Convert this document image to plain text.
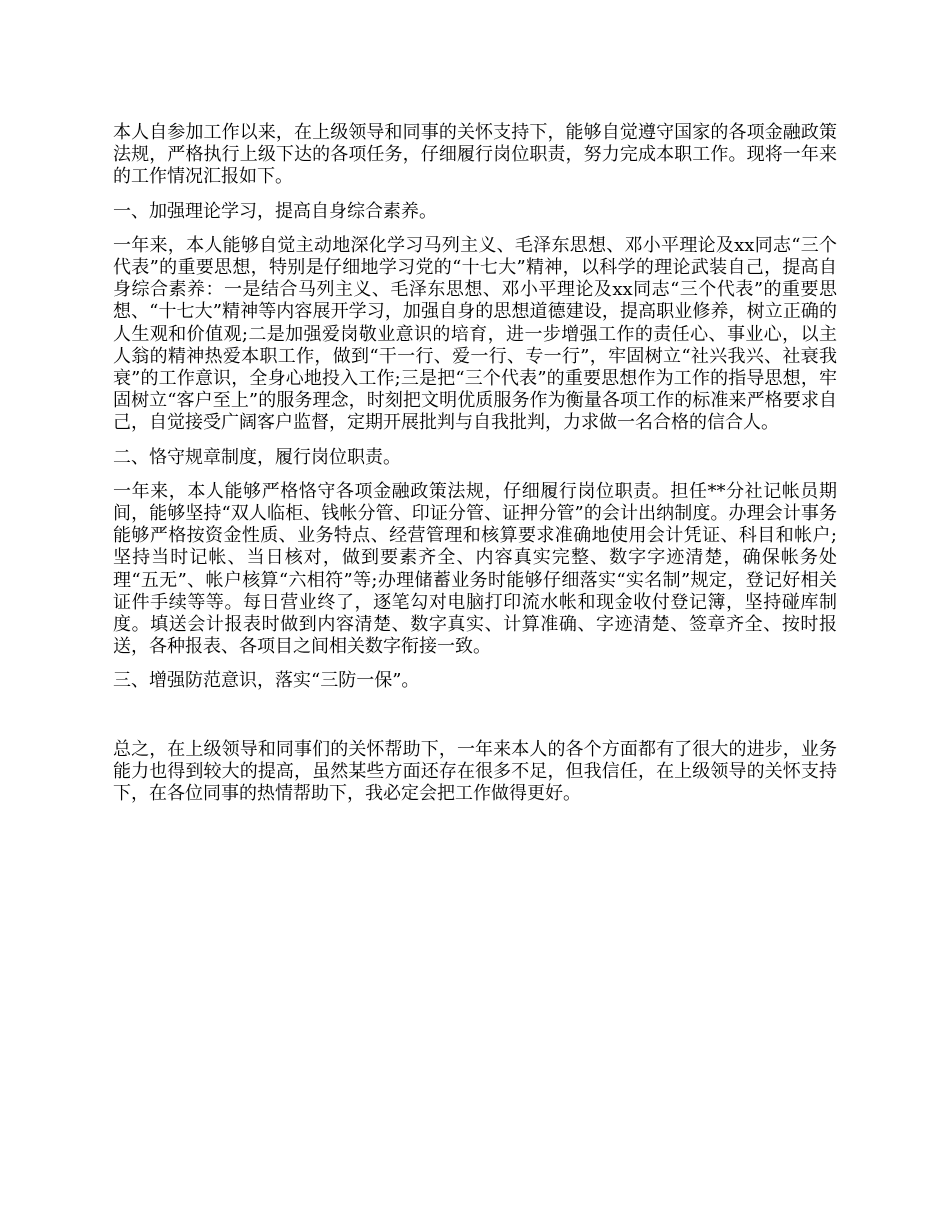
本人自参加工作以来，在上级领导和同事的关怀支持下，能够自觉遵守国家的各项金融政策法规，严格执行上级下达的各项任务，仔细履行岗位职责，努力完成本职工作。现将一年来的工作情况汇报如下。

一、加强理论学习，提高自身综合素养。

一年来，本人能够自觉主动地深化学习马列主义、毛泽东思想、邓小平理论及xx同志“三个代表”的重要思想，特别是仔细地学习党的“十七大”精神，以科学的理论武装自己，提高自身综合素养：一是结合马列主义、毛泽东思想、邓小平理论及xx同志“三个代表”的重要思想、“十七大”精神等内容展开学习，加强自身的思想道德建设，提高职业修养，树立正确的人生观和价值观;二是加强爱岗敬业意识的培育，进一步增强工作的责任心、事业心，以主人翁的精神热爱本职工作，做到“干一行、爱一行、专一行”，牢固树立“社兴我兴、社衰我衰”的工作意识，全身心地投入工作;三是把“三个代表”的重要思想作为工作的指导思想，牢固树立“客户至上”的服务理念，时刻把文明优质服务作为衡量各项工作的标准来严格要求自己，自觉接受广阔客户监督，定期开展批判与自我批判，力求做一名合格的信合人。

二、恪守规章制度，履行岗位职责。

一年来，本人能够严格恪守各项金融政策法规，仔细履行岗位职责。担任**分社记帐员期间，能够坚持“双人临柜、钱帐分管、印证分管、证押分管”的会计出纳制度。办理会计事务能够严格按资金性质、业务特点、经营管理和核算要求准确地使用会计凭证、科目和帐户;坚持当时记帐、当日核对，做到要素齐全、内容真实完整、数字字迹清楚，确保帐务处理“五无”、帐户核算“六相符”等;办理储蓄业务时能够仔细落实“实名制”规定，登记好相关证件手续等等。每日营业终了，逐笔勾对电脑打印流水帐和现金收付登记簿，坚持碰库制度。填送会计报表时做到内容清楚、数字真实、计算准确、字迹清楚、签章齐全、按时报送，各种报表、各项目之间相关数字衔接一致。

三、增强防范意识，落实“三防一保”。

总之，在上级领导和同事们的关怀帮助下，一年来本人的各个方面都有了很大的进步，业务能力也得到较大的提高，虽然某些方面还存在很多不足，但我信任，在上级领导的关怀支持下，在各位同事的热情帮助下，我必定会把工作做得更好。
